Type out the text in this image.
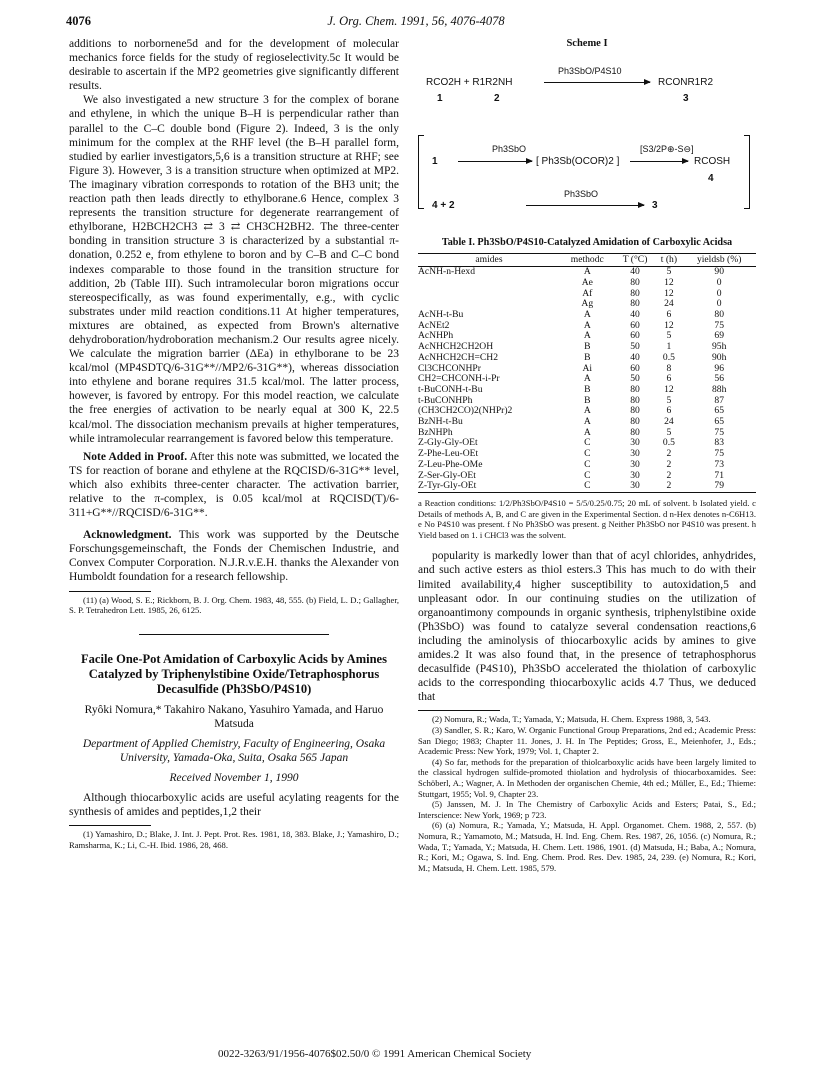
4076	J. Org. Chem. 1991, 56, 4076-4078

additions to norbornene5d and for the development of molecular mechanics force fields for the study of regioselectivity.5c It would be desirable to ascertain if the MP2 geometries give significantly different results.

We also investigated a new structure 3 for the complex of borane and ethylene, in which the unique B–H is perpendicular rather than parallel to the C–C double bond (Figure 2). Indeed, 3 is the only minimum for the complex at the RHF level (the B–H parallel form, studied by earlier investigators,5,6 is a transition structure at RHF; see Figure 3). However, 3 is a transition structure when optimized at MP2. The imaginary vibration corresponds to rotation of the BH3 unit; the reaction path then leads directly to ethylborane.6 Hence, complex 3 represents the transition structure for degenerate rearrangement of ethylborane, H2BCH2CH3 ⇄ 3 ⇄ CH3CH2BH2. The three-center bonding in transition structure 3 is characterized by a substantial π-donation, 0.252 e, from ethylene to boron and by C–B and C–C bond indexes comparable to those found in the transition structure for addition, 2b (Table III). Such intramolecular boron migrations occur stereospecifically, as was found experimentally, e.g., with cyclic substrates under mild reaction conditions.11 At higher temperatures, mixtures are obtained, as expected from Brown's alternative dehydroboration/hydroboration mechanism.2 Our results agree nicely. We calculate the migration barrier (ΔEa) in ethylborane to be 23 kcal/mol (MP4SDTQ/6-31G**//MP2/6-31G**), whereas dissociation into ethylene and borane requires 31.5 kcal/mol. The latter process, however, is favored by entropy. For this model reaction, we calculate the free energies of activation to be nearly equal at 300 K, 22.5 kcal/mol. The dissociation mechanism prevails at higher temperatures, while intramolecular rearrangement is favored below this temperature.

Note Added in Proof. After this note was submitted, we located the TS for reaction of borane and ethylene at the RQCISD/6-31G** level, which also exhibits three-center character. The activation barrier, relative to the π-complex, is 0.05 kcal/mol at RQCISD(T)/6-311+G**//RQCISD/6-31G**.

Acknowledgment. This work was supported by the Deutsche Forschungsgemeinschaft, the Fonds der Chemischen Industrie, and Convex Computer Corporation. N.J.R.v.E.H. thanks the Alexander von Humboldt foundation for a research fellowship.

(11) (a) Wood, S. E.; Rickborn, B. J. Org. Chem. 1983, 48, 555. (b) Field, L. D.; Gallagher, S. P. Tetrahedron Lett. 1985, 26, 6125.

Facile One-Pot Amidation of Carboxylic Acids by Amines Catalyzed by Triphenylstibine Oxide/Tetraphosphorus Decasulfide (Ph3SbO/P4S10)

Ryôki Nomura,* Takahiro Nakano, Yasuhiro Yamada, and Haruo Matsuda

Department of Applied Chemistry, Faculty of Engineering, Osaka University, Yamada-Oka, Suita, Osaka 565 Japan

Received November 1, 1990

Although thiocarboxylic acids are useful acylating reagents for the synthesis of amides and peptides,1,2 their

(1) Yamashiro, D.; Blake, J. Int. J. Pept. Prot. Res. 1981, 18, 383. Blake, J.; Yamashiro, D.; Ramsharma, K.; Li, C.-H. Ibid. 1986, 28, 468.

Scheme I
RCO2H + R1R2NH
Ph3SbO/P4S10
RCONR1R2
1	2	3
1
Ph3SbO
[ Ph3Sb(OCOR)2 ]
[S3/2P⊕-S⊖]
RCOSH
4
4 + 2
Ph3SbO
3

Table I. Ph3SbO/P4S10-Catalyzed Amidation of Carboxylic Acidsa

amides	methodc	T (°C)	t (h)	yieldsb (%)
AcNH-n-Hexd	A	40	5	90
	Ae	80	12	0
	Af	80	12	0
	Ag	80	24	0
AcNH-t-Bu	A	40	6	80
AcNEt2	A	60	12	75
AcNHPh	A	60	5	69
AcNHCH2CH2OH	B	50	1	95h
AcNHCH2CH=CH2	B	40	0.5	90h
Cl3CHCONHPr	Ai	60	8	96
CH2=CHCONH-i-Pr	A	50	6	56
t-BuCONH-t-Bu	B	80	12	88h
t-BuCONHPh	B	80	5	87
(CH3CH2CO)2(NHPr)2	A	80	6	65
BzNH-t-Bu	A	80	24	65
BzNHPh	A	80	5	75
Z-Gly-Gly-OEt	C	30	0.5	83
Z-Phe-Leu-OEt	C	30	2	75
Z-Leu-Phe-OMe	C	30	2	73
Z-Ser-Gly-OEt	C	30	2	71
Z-Tyr-Gly-OEt	C	30	2	79

a Reaction conditions: 1/2/Ph3SbO/P4S10 = 5/5/0.25/0.75; 20 mL of solvent. b Isolated yield. c Details of methods A, B, and C are given in the Experimental Section. d n-Hex denotes n-C6H13. e No P4S10 was present. f No Ph3SbO was present. g Neither Ph3SbO nor P4S10 was present. h Yield based on 1. i CHCl3 was the solvent.

popularity is markedly lower than that of acyl chlorides, anhydrides, and such active esters as thiol esters.3 This has much to do with their limited availability,4 higher susceptibility to autoxidation,5 and unpleasant odor. In our continuing studies on the utilization of organoantimony compounds in organic synthesis, triphenylstibine oxide (Ph3SbO) was found to catalyze several condensation reactions,6 including the aminolysis of thiocarboxylic acids by amines to give amides.2 It was also found that, in the presence of tetraphosphorus decasulfide (P4S10), Ph3SbO accelerated the thiolation of carboxylic acids to the corresponding thiocarboxylic acids 4.7 Thus, we deduced that

(2) Nomura, R.; Wada, T.; Yamada, Y.; Matsuda, H. Chem. Express 1988, 3, 543.

(3) Sandler, S. R.; Karo, W. Organic Functional Group Preparations, 2nd ed.; Academic Press: San Diego; 1983; Chapter 11. Jones, J. H. In The Peptides; Gross, E., Meienhofer, J., Eds.; Academic Press: New York, 1979; Vol. 1, Chapter 2.

(4) So far, methods for the preparation of thiolcarboxylic acids have been largely limited to the classical hydrogen sulfide-promoted thiolation and hydrolysis of thiocarboxamides. See: Schöberl, A.; Wagner, A. In Methoden der organischen Chemie, 4th ed.; Müller, E., Ed.; Thieme: Stuttgart, 1955; Vol. 9, Chapter 23.

(5) Janssen, M. J. In The Chemistry of Carboxylic Acids and Esters; Patai, S., Ed.; Interscience: New York, 1969; p 723.

(6) (a) Nomura, R.; Yamada, Y.; Matsuda, H. Appl. Organomet. Chem. 1988, 2, 557. (b) Nomura, R.; Yamamoto, M.; Matsuda, H. Ind. Eng. Chem. Res. 1987, 26, 1056. (c) Nomura, R.; Wada, T.; Yamada, Y.; Matsuda, H. Chem. Lett. 1986, 1901. (d) Matsuda, H.; Baba, A.; Nomura, R.; Kori, M.; Ogawa, S. Ind. Eng. Chem. Prod. Res. Dev. 1985, 24, 239. (e) Nomura, R.; Kori, M.; Matsuda, H. Chem. Lett. 1985, 579.

0022-3263/91/1956-4076$02.50/0 © 1991 American Chemical Society
